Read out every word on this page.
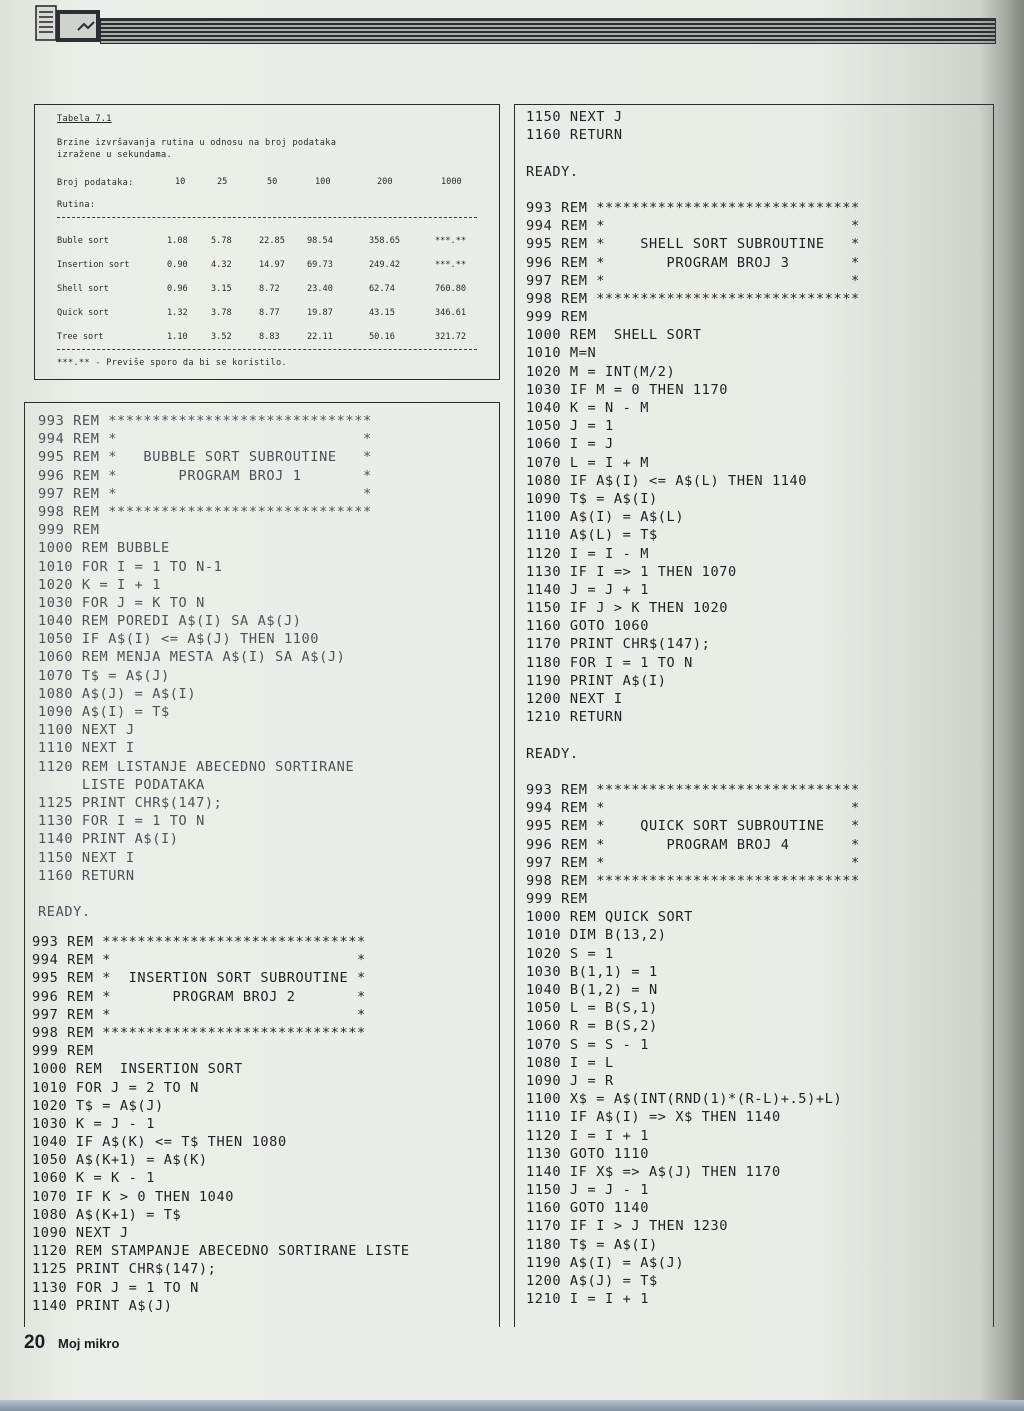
Tabela 7.1
Brzine izvršavanja rutina u odnosu na broj podataka
izražene u sekundama.
Broj podataka:	10	25	50	100	200	1000
Rutina:
Buble sort	1.08	5.78	22.85	98.54	358.65	***.**
Insertion sort	0.90	4.32	14.97	69.73	249.42	***.**
Shell sort	0.96	3.15	8.72	23.40	62.74	760.80
Quick sort	1.32	3.78	8.77	19.87	43.15	346.61
Tree sort	1.10	3.52	8.83	22.11	50.16	321.72
***.** - Previše sporo da bi se koristilo.
993 REM ******************************
994 REM *                            *
995 REM *   BUBBLE SORT SUBROUTINE   *
996 REM *       PROGRAM BROJ 1       *
997 REM *                            *
998 REM ******************************
999 REM
1000 REM BUBBLE
1010 FOR I = 1 TO N-1
1020 K = I + 1
1030 FOR J = K TO N
1040 REM POREDI A$(I) SA A$(J)
1050 IF A$(I) <= A$(J) THEN 1100
1060 REM MENJA MESTA A$(I) SA A$(J)
1070 T$ = A$(J)
1080 A$(J) = A$(I)
1090 A$(I) = T$
1100 NEXT J
1110 NEXT I
1120 REM LISTANJE ABECEDNO SORTIRANE
LISTE PODATAKA
1125 PRINT CHR$(147);
1130 FOR I = 1 TO N
1140 PRINT A$(I)
1150 NEXT I
1160 RETURN

READY.
993 REM ******************************
994 REM *                            *
995 REM *  INSERTION SORT SUBROUTINE *
996 REM *       PROGRAM BROJ 2       *
997 REM *                            *
998 REM ******************************
999 REM
1000 REM  INSERTION SORT
1010 FOR J = 2 TO N
1020 T$ = A$(J)
1030 K = J - 1
1040 IF A$(K) <= T$ THEN 1080
1050 A$(K+1) = A$(K)
1060 K = K - 1
1070 IF K > 0 THEN 1040
1080 A$(K+1) = T$
1090 NEXT J
1120 REM STAMPANJE ABECEDNO SORTIRANE LISTE
1125 PRINT CHR$(147);
1130 FOR J = 1 TO N
1140 PRINT A$(J)
1150 NEXT J
1160 RETURN

READY.

993 REM ******************************
994 REM *                            *
995 REM *    SHELL SORT SUBROUTINE   *
996 REM *       PROGRAM BROJ 3       *
997 REM *                            *
998 REM ******************************
999 REM
1000 REM  SHELL SORT
1010 M=N
1020 M = INT(M/2)
1030 IF M = 0 THEN 1170
1040 K = N - M
1050 J = 1
1060 I = J
1070 L = I + M
1080 IF A$(I) <= A$(L) THEN 1140
1090 T$ = A$(I)
1100 A$(I) = A$(L)
1110 A$(L) = T$
1120 I = I - M
1130 IF I => 1 THEN 1070
1140 J = J + 1
1150 IF J > K THEN 1020
1160 GOTO 1060
1170 PRINT CHR$(147);
1180 FOR I = 1 TO N
1190 PRINT A$(I)
1200 NEXT I
1210 RETURN

READY.

993 REM ******************************
994 REM *                            *
995 REM *    QUICK SORT SUBROUTINE   *
996 REM *       PROGRAM BROJ 4       *
997 REM *                            *
998 REM ******************************
999 REM
1000 REM QUICK SORT
1010 DIM B(13,2)
1020 S = 1
1030 B(1,1) = 1
1040 B(1,2) = N
1050 L = B(S,1)
1060 R = B(S,2)
1070 S = S - 1
1080 I = L
1090 J = R
1100 X$ = A$(INT(RND(1)*(R-L)+.5)+L)
1110 IF A$(I) => X$ THEN 1140
1120 I = I + 1
1130 GOTO 1110
1140 IF X$ => A$(J) THEN 1170
1150 J = J - 1
1160 GOTO 1140
1170 IF I > J THEN 1230
1180 T$ = A$(I)
1190 A$(I) = A$(J)
1200 A$(J) = T$
1210 I = I + 1
20 Moj mikro
